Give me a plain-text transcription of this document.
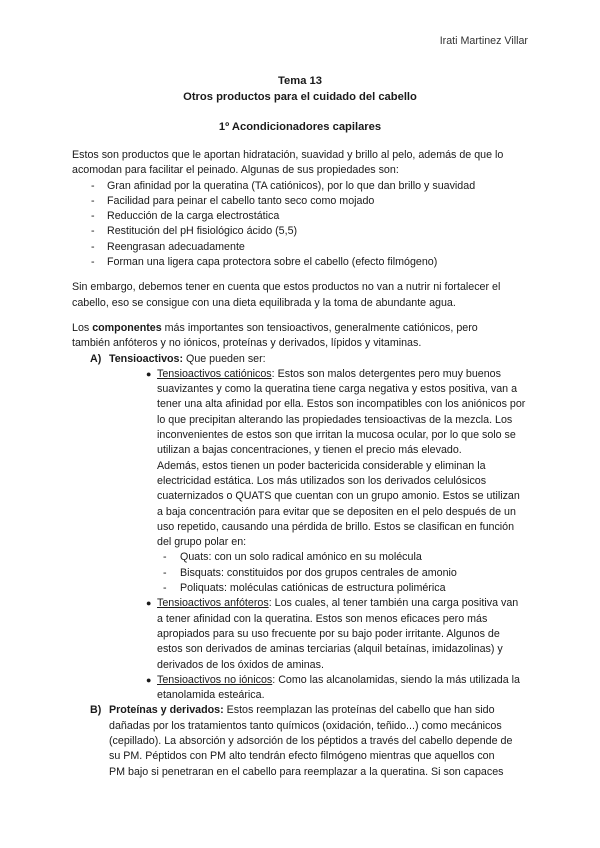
Irati Martinez Villar
Tema 13
Otros productos para el cuidado del cabello
1º Acondicionadores capilares
Estos son productos que le aportan hidratación, suavidad y brillo al pelo, además de que lo
acomodan para facilitar el peinado. Algunas de sus propiedades son:
- Gran afinidad por la queratina (TA catiónicos), por lo que dan brillo y suavidad
- Facilidad para peinar el cabello tanto seco como mojado
- Reducción de la carga electrostática
- Restitución del pH fisiológico ácido (5,5)
- Reengrasan adecuadamente
- Forman una ligera capa protectora sobre el cabello (efecto filmógeno)
Sin embargo, debemos tener en cuenta que estos productos no van a nutrir ni fortalecer el
cabello, eso se consigue con una dieta equilibrada y la toma de abundante agua.
Los componentes más importantes son tensioactivos, generalmente catiónicos, pero
también anfóteros y no iónicos, proteínas y derivados, lípidos y vitaminas.
A) Tensioactivos: Que pueden ser:
● Tensioactivos catiónicos: Estos son malos detergentes pero muy buenos
suavizantes y como la queratina tiene carga negativa y estos positiva, van a
tener una alta afinidad por ella. Estos son incompatibles con los aniónicos por
lo que precipitan alterando las propiedades tensioactivas de la mezcla. Los
inconvenientes de estos son que irritan la mucosa ocular, por lo que solo se
utilizan a bajas concentraciones, y tienen el precio más elevado.
Además, estos tienen un poder bactericida considerable y eliminan la
electricidad estática. Los más utilizados son los derivados celulósicos
cuaternizados o QUATS que cuentan con un grupo amonio. Estos se utilizan
a baja concentración para evitar que se depositen en el pelo después de un
uso repetido, causando una pérdida de brillo. Estos se clasifican en función
del grupo polar en:
- Quats: con un solo radical amónico en su molécula
- Bisquats: constituidos por dos grupos centrales de amonio
- Poliquats: moléculas catiónicas de estructura polimérica
● Tensioactivos anfóteros: Los cuales, al tener también una carga positiva van
a tener afinidad con la queratina. Estos son menos eficaces pero más
apropiados para su uso frecuente por su bajo poder irritante. Algunos de
estos son derivados de aminas terciarias (alquil betaínas, imidazolinas) y
derivados de los óxidos de aminas.
● Tensioactivos no iónicos: Como las alcanolamidas, siendo la más utilizada la
etanolamida esteárica.
B) Proteínas y derivados: Estos reemplazan las proteínas del cabello que han sido
dañadas por los tratamientos tanto químicos (oxidación, teñido...) como mecánicos
(cepillado). La absorción y adsorción de los péptidos a través del cabello depende de
su PM. Péptidos con PM alto tendrán efecto filmógeno mientras que aquellos con
PM bajo si penetraran en el cabello para reemplazar a la queratina. Si son capaces
